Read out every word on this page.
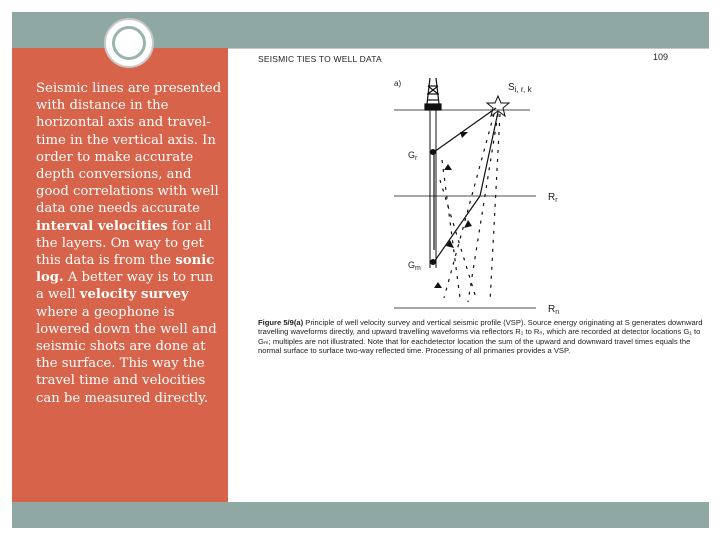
Seismic lines are presented with distance in the horizontal axis and travel-time in the vertical axis. In order to make accurate depth conversions, and good correlations with well data one needs accurate interval velocities for all the layers. On way to get this data is from the sonic log. A better way is to run a well velocity survey where a geophone is lowered down the well and seismic shots are done at the surface. This way the travel time and velocities can be measured directly.
SEISMIC TIES TO WELL DATA	109
a)	$S_{i, r, k}$
$G_r$
$G_m$
$R_r$
$R_n$
Figure 5/9(a) Principle of well velocity survey and vertical seismic profile (VSP). Source energy originating at S generates downward travelling waveforms directly, and upward travelling waveforms via reflectors R₁ to Rₙ, which are recorded at detector locations G₁ to Gₘ; multiples are not illustrated. Note that for eachdetector location the sum of the upward and downward travel times equals the normal surface to surface two-way reflected time. Processing of all primaries provides a VSP.
